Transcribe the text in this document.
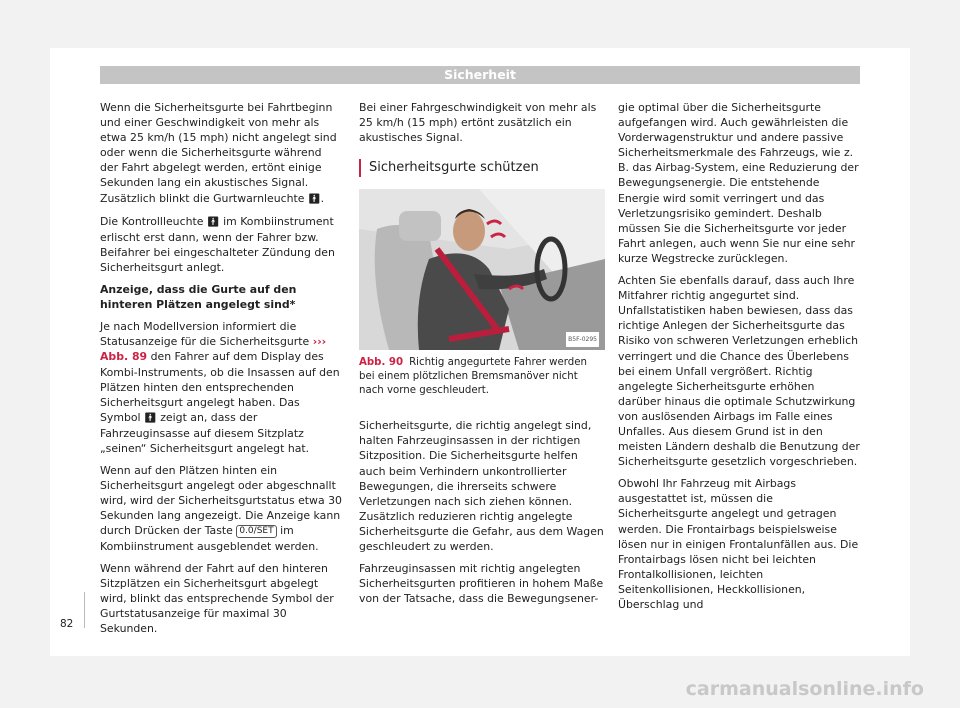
Sicherheit

Wenn die Sicherheitsgurte bei Fahrtbeginn und einer Geschwindigkeit von mehr als etwa 25 km/h (15 mph) nicht angelegt sind oder wenn die Sicherheitsgurte während der Fahrt abgelegt werden, ertönt einige Sekunden lang ein akustisches Signal. Zusätzlich blinkt die Gurtwarnleuchte 🚹︎.

Die Kontrollleuchte 🚹︎ im Kombiinstrument erlischt erst dann, wenn der Fahrer bzw. Beifahrer bei eingeschalteter Zündung den Sicherheitsgurt anlegt.

Anzeige, dass die Gurte auf den hinteren Plätzen angelegt sind*

Je nach Modellversion informiert die Statusanzeige für die Sicherheitsgurte ››› Abb. 89 den Fahrer auf dem Display des Kombi-Instruments, ob die Insassen auf den Plätzen hinten den entsprechenden Sicherheitsgurt angelegt haben. Das Symbol 🚹︎ zeigt an, dass der Fahrzeuginsasse auf diesem Sitzplatz „seinen“ Sicherheitsgurt angelegt hat.

Wenn auf den Plätzen hinten ein Sicherheitsgurt angelegt oder abgeschnallt wird, wird der Sicherheitsgurtstatus etwa 30 Sekunden lang angezeigt. Die Anzeige kann durch Drücken der Taste 0.0/SET im Kombiinstrument ausgeblendet werden.

Wenn während der Fahrt auf den hinteren Sitzplätzen ein Sicherheitsgurt abgelegt wird, blinkt das entsprechende Symbol der Gurtstatusanzeige für maximal 30 Sekunden.

Bei einer Fahrgeschwindigkeit von mehr als 25 km/h (15 mph) ertönt zusätzlich ein akustisches Signal.

Sicherheitsgurte schützen
B5F-0295
Abb. 90 Richtig angegurtete Fahrer werden bei einem plötzlichen Bremsmanöver nicht nach vorne geschleudert.

Sicherheitsgurte, die richtig angelegt sind, halten Fahrzeuginsassen in der richtigen Sitzposition. Die Sicherheitsgurte helfen auch beim Verhindern unkontrollierter Bewegungen, die ihrerseits schwere Verletzungen nach sich ziehen können. Zusätzlich reduzieren richtig angelegte Sicherheitsgurte die Gefahr, aus dem Wagen geschleudert zu werden.

Fahrzeuginsassen mit richtig angelegten Sicherheitsgurten profitieren in hohem Maße von der Tatsache, dass die Bewegungsener-

gie optimal über die Sicherheitsgurte aufgefangen wird. Auch gewährleisten die Vorderwagenstruktur und andere passive Sicherheitsmerkmale des Fahrzeugs, wie z. B. das Airbag-System, eine Reduzierung der Bewegungsenergie. Die entstehende Energie wird somit verringert und das Verletzungsrisiko gemindert. Deshalb müssen Sie die Sicherheitsgurte vor jeder Fahrt anlegen, auch wenn Sie nur eine sehr kurze Wegstrecke zurücklegen.

Achten Sie ebenfalls darauf, dass auch Ihre Mitfahrer richtig angegurtet sind. Unfallstatistiken haben bewiesen, dass das richtige Anlegen der Sicherheitsgurte das Risiko von schweren Verletzungen erheblich verringert und die Chance des Überlebens bei einem Unfall vergrößert. Richtig angelegte Sicherheitsgurte erhöhen darüber hinaus die optimale Schutzwirkung von auslösenden Airbags im Falle eines Unfalles. Aus diesem Grund ist in den meisten Ländern deshalb die Benutzung der Sicherheitsgurte gesetzlich vorgeschrieben.

Obwohl Ihr Fahrzeug mit Airbags ausgestattet ist, müssen die Sicherheitsgurte angelegt und getragen werden. Die Frontairbags beispielsweise lösen nur in einigen Frontalunfällen aus. Die Frontairbags lösen nicht bei leichten Frontalkollisionen, leichten Seitenkollisionen, Heckkollisionen, Überschlag und

82
carmanualsonline.info
